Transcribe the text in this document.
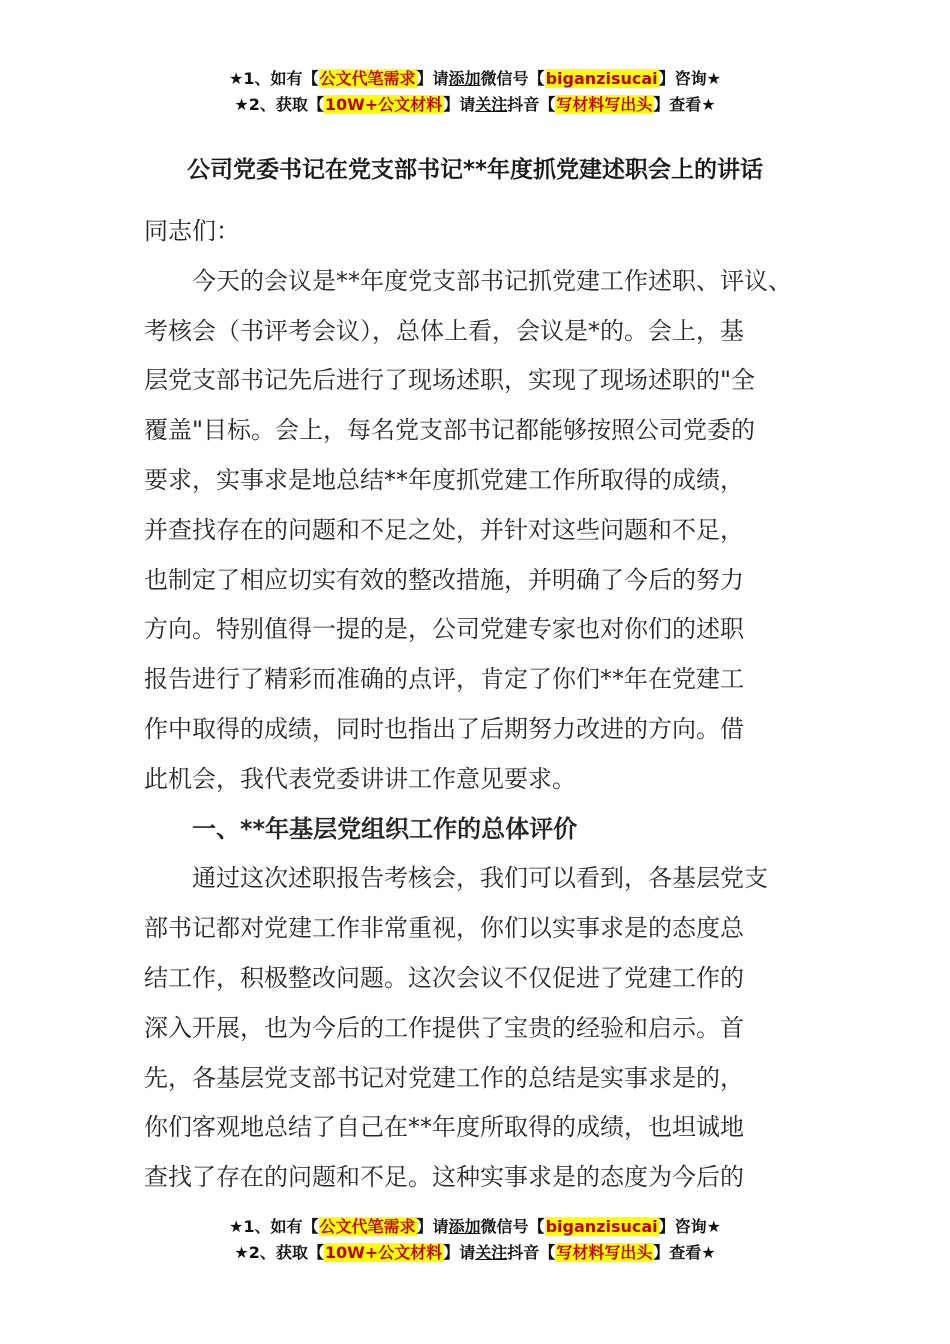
★1、如有【公文代笔需求】请添加微信号【biganzisucai】咨询★
★2、获取【10W+公文材料】请关注抖音【写材料写出头】查看★
公司党委书记在党支部书记**年度抓党建述职会上的讲话
同志们：
　　今天的会议是**年度党支部书记抓党建工作述职、评议、
考核会（书评考会议），总体上看，会议是*的。会上，基
层党支部书记先后进行了现场述职，实现了现场述职的"全
覆盖"目标。会上，每名党支部书记都能够按照公司党委的
要求，实事求是地总结**年度抓党建工作所取得的成绩，
并查找存在的问题和不足之处，并针对这些问题和不足，
也制定了相应切实有效的整改措施，并明确了今后的努力
方向。特别值得一提的是，公司党建专家也对你们的述职
报告进行了精彩而准确的点评，肯定了你们**年在党建工
作中取得的成绩，同时也指出了后期努力改进的方向。借
此机会，我代表党委讲讲工作意见要求。
　　一、**年基层党组织工作的总体评价
　　通过这次述职报告考核会，我们可以看到，各基层党支
部书记都对党建工作非常重视，你们以实事求是的态度总
结工作，积极整改问题。这次会议不仅促进了党建工作的
深入开展，也为今后的工作提供了宝贵的经验和启示。首
先，各基层党支部书记对党建工作的总结是实事求是的，
你们客观地总结了自己在**年度所取得的成绩，也坦诚地
查找了存在的问题和不足。这种实事求是的态度为今后的
★1、如有【公文代笔需求】请添加微信号【biganzisucai】咨询★
★2、获取【10W+公文材料】请关注抖音【写材料写出头】查看★
